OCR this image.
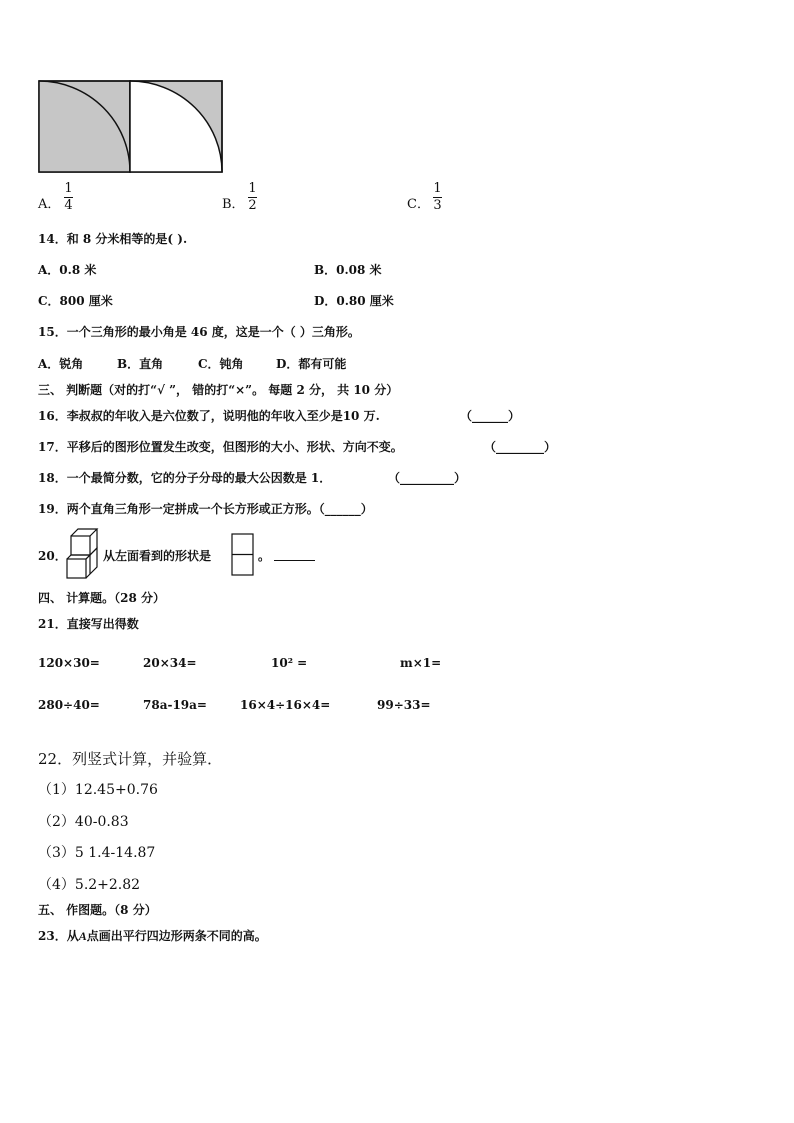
A．
1
4	B．
1
2	C．
1
3
14．和 8 分米相等的是( ).
A．0.8 米	B．0.08 米
C．800 厘米	D．0.80 厘米
15．一个三角形的最小角是 46 度，这是一个（ ）三角形。
A．锐角	B．直角	C．钝角	D．都有可能
三、 判断题（对的打“√ ”， 错的打“×”。 每题 2 分， 共 10 分）
16．李叔叔的年收入是六位数了，说明他的年收入至少是10 万.	（______）
17．平移后的图形位置发生改变，但图形的大小、形状、方向不变。	（________）
18．一个最简分数，它的分子分母的最大公因数是 1．	（_________）
19．两个直角三角形一定拼成一个长方形或正方形。（______）
20．	从左面看到的形状是	。
四、 计算题。（28 分）
21．直接写出得数
120×30=	20×34=	10² =	m×1=
280÷40=	78a-19a=	16×4÷16×4=	99÷33=
22．列竖式计算，并验算．
（1）12.45+0.76
（2）40-0.83
（3）5 1.4-14.87
（4）5.2+2.82
五、 作图题。（8 分）
23．从A点画出平行四边形两条不同的高。
